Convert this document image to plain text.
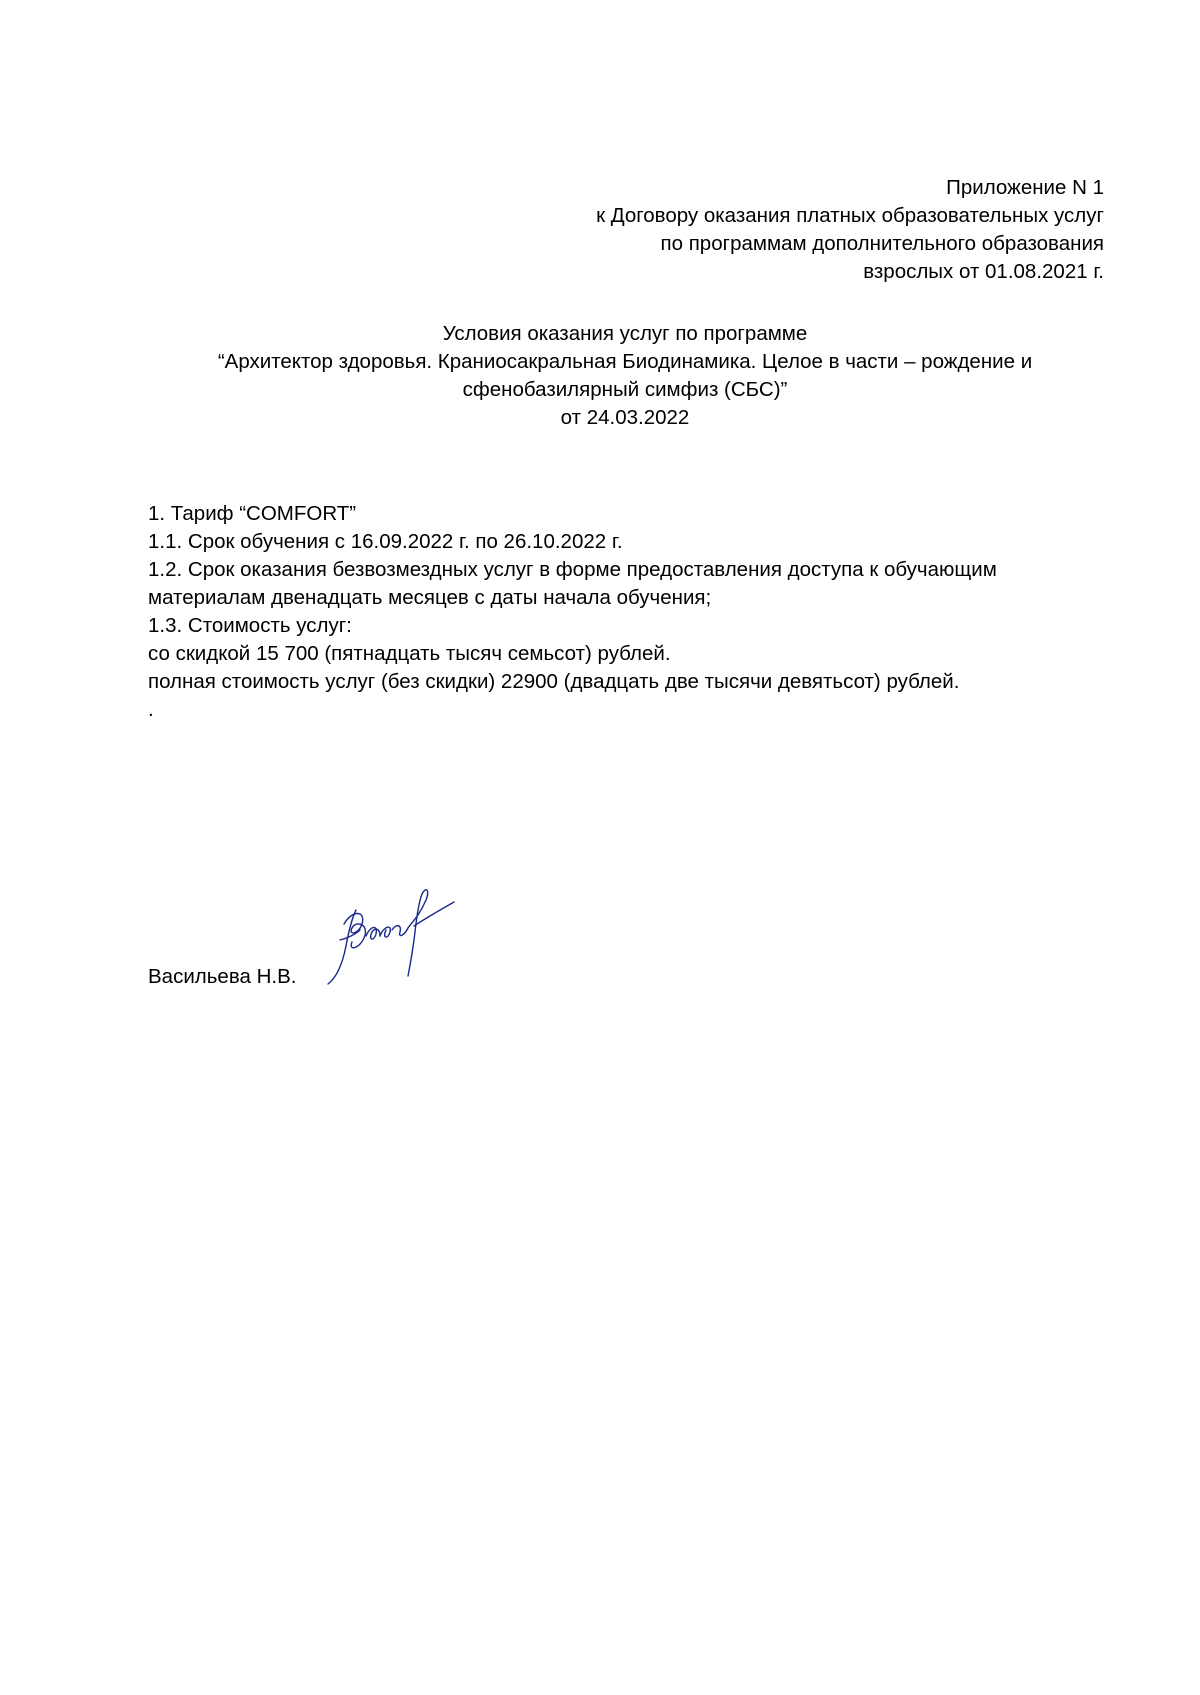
Приложение N 1
к Договору оказания платных образовательных услуг
по программам дополнительного образования
взрослых от 01.08.2021 г.
Условия оказания услуг по программе
“Архитектор здоровья. Краниосакральная Биодинамика. Целое в части – рождение и
сфенобазилярный симфиз (СБС)”
от 24.03.2022
1. Тариф “COMFORT”
1.1. Срок обучения с 16.09.2022 г. по 26.10.2022 г.
1.2. Срок оказания безвозмездных услуг в форме предоставления доступа к обучающим
материалам двенадцать месяцев с даты начала обучения;
1.3. Стоимость услуг:
со скидкой 15 700 (пятнадцать тысяч семьсот) рублей.
полная стоимость услуг (без скидки) 22900 (двадцать две тысячи девятьсот) рублей.
.
Васильева Н.В.
